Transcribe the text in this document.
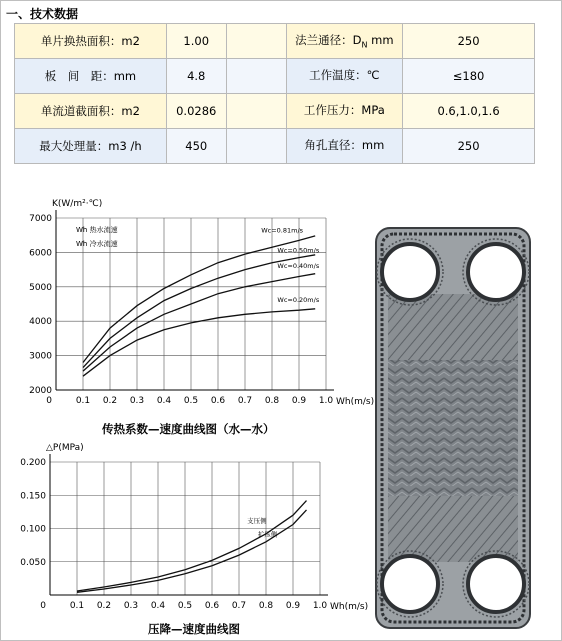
一、技术数据
单片换热面积：m2	1.00		法兰通径：$D_N$ mm	250
板　间　距：mm	4.8		工作温度：℃	≤180
单流道截面积：m2	0.0286		工作压力：MPa	0.6,1.0,1.6
最大处理量：m3 /h	450		角孔直径：mm	250
0.1 0.2 0.3 0.4 0.5 0.6 0.7 0.8 0.9 1.0
0
2000
3000
4000
5000
6000
7000
Wh(m/s)
K(W/m²·℃)
Wc=0.81m/s
Wc=0.50m/s
Wc=0.40m/s
Wc=0.20m/s
Wh 热水流速
Wh 冷水流速
传热系数—速度曲线图（水—水）
0.1 0.2 0.3 0.4 0.5 0.6 0.7 0.8 0.9 1.0
0
0.050
0.100
0.150
0.200
Wh(m/s)
△P(MPa)
支压侧
扩压侧
压降—速度曲线图
